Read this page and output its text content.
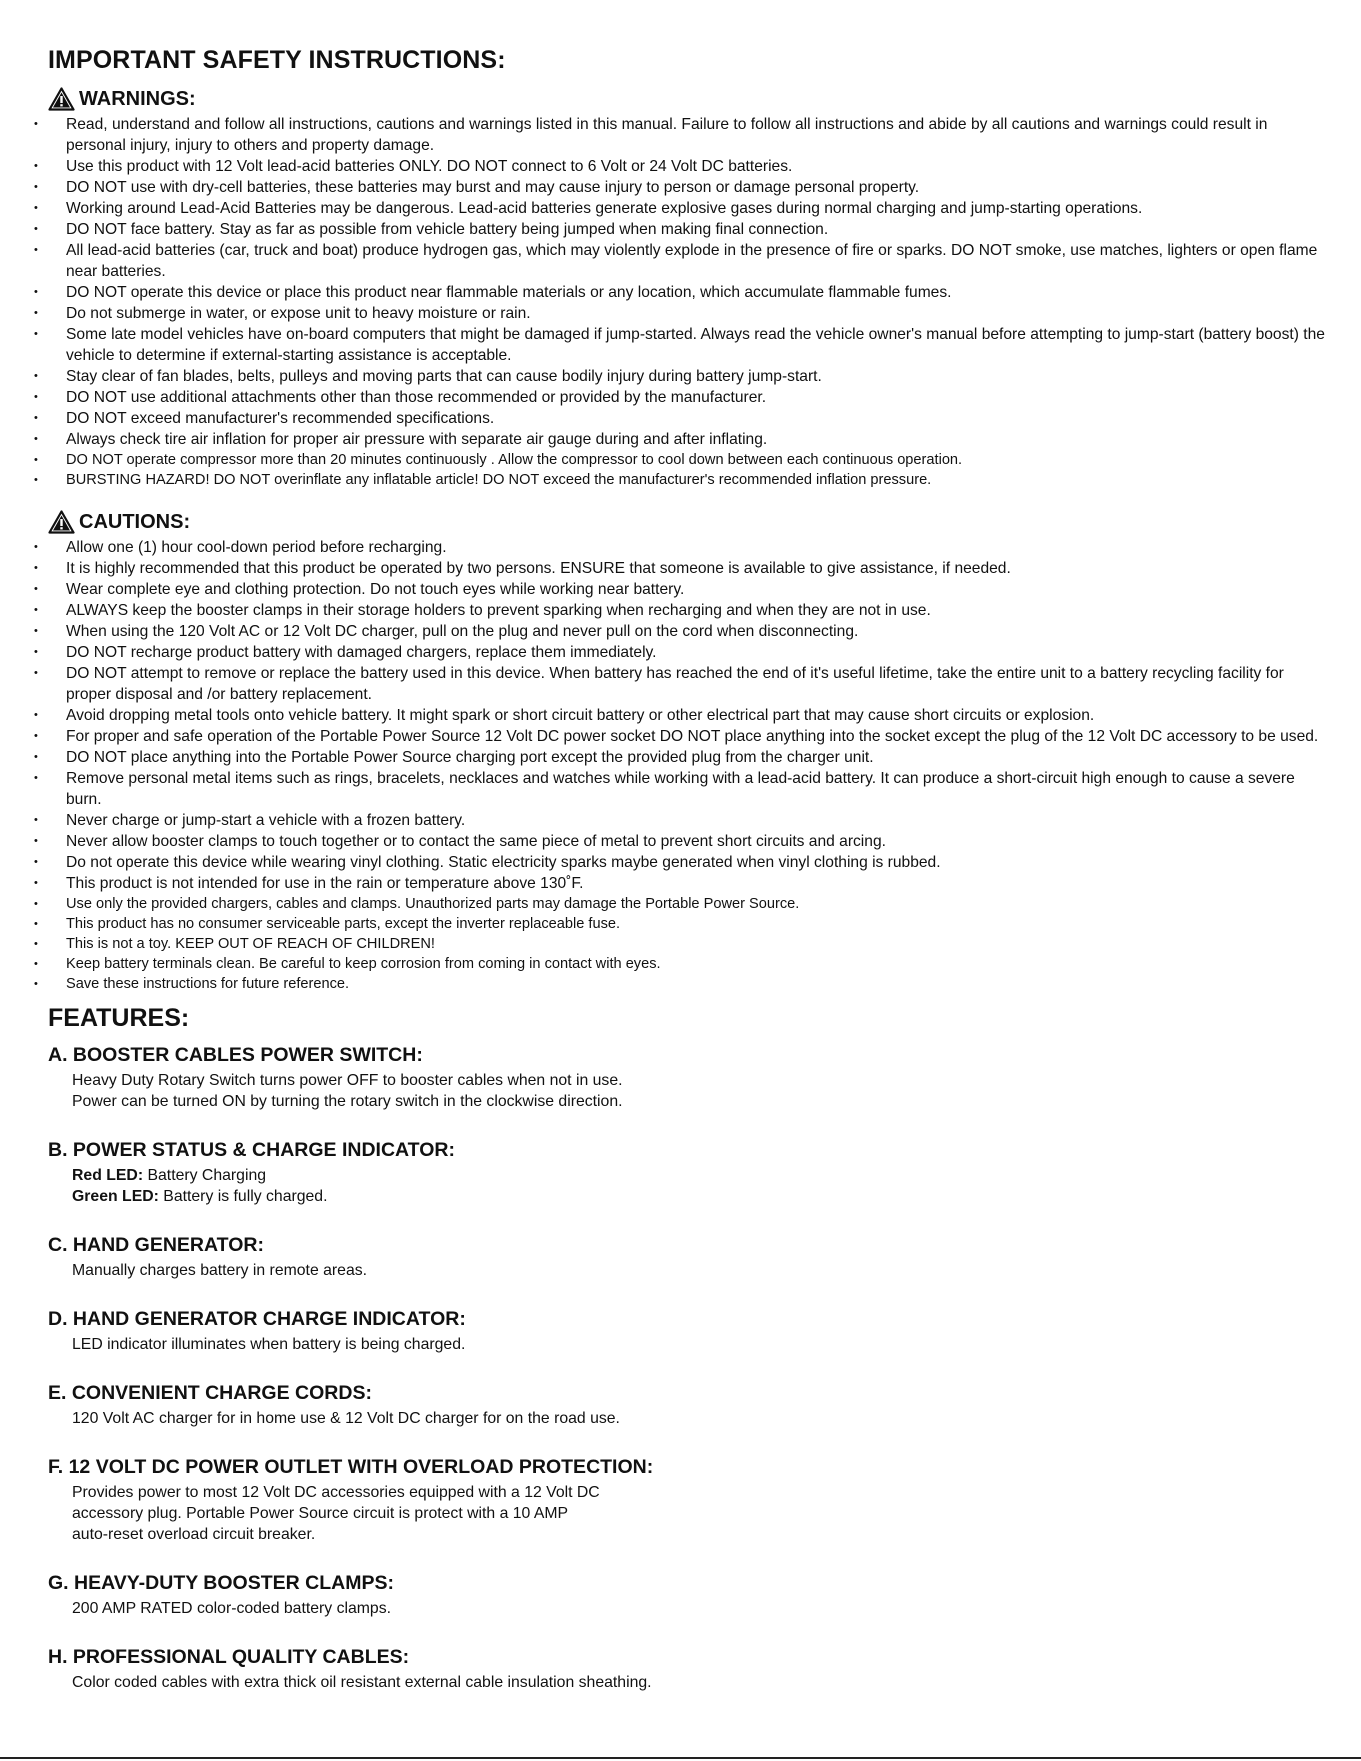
IMPORTANT SAFETY INSTRUCTIONS:
WARNINGS:
• Read, understand and follow all instructions, cautions and warnings listed in this manual. Failure to follow all instructions and abide by all cautions and warnings could result in personal injury, injury to others and property damage.
• Use this product with 12 Volt lead-acid batteries ONLY. DO NOT connect to 6 Volt or 24 Volt DC batteries.
• DO NOT use with dry-cell batteries, these batteries may burst and may cause injury to person or damage personal property.
• Working around Lead-Acid Batteries may be dangerous. Lead-acid batteries generate explosive gases during normal charging and jump-starting operations.
• DO NOT face battery. Stay as far as possible from vehicle battery being jumped when making final connection.
• All lead-acid batteries (car, truck and boat) produce hydrogen gas, which may violently explode in the presence of fire or sparks. DO NOT smoke, use matches, lighters or open flame near batteries.
• DO NOT operate this device or place this product near flammable materials or any location, which accumulate flammable fumes.
• Do not submerge in water, or expose unit to heavy moisture or rain.
• Some late model vehicles have on-board computers that might be damaged if jump-started. Always read the vehicle owner's manual before attempting to jump-start (battery boost) the vehicle to determine if external-starting assistance is acceptable.
• Stay clear of fan blades, belts, pulleys and moving parts that can cause bodily injury during battery jump-start.
• DO NOT use additional attachments other than those recommended or provided by the manufacturer.
• DO NOT exceed manufacturer's recommended specifications.
• Always check tire air inflation for proper air pressure with separate air gauge during and after inflating.
• DO NOT operate compressor more than 20 minutes continuously . Allow the compressor to cool down between each continuous operation.
• BURSTING HAZARD! DO NOT overinflate any inflatable article! DO NOT exceed the manufacturer's recommended inflation pressure.
CAUTIONS:
• Allow one (1) hour cool-down period before recharging.
• It is highly recommended that this product be operated by two persons. ENSURE that someone is available to give assistance, if needed.
• Wear complete eye and clothing protection. Do not touch eyes while working near battery.
• ALWAYS keep the booster clamps in their storage holders to prevent sparking when recharging and when they are not in use.
• When using the 120 Volt AC or 12 Volt DC charger, pull on the plug and never pull on the cord when disconnecting.
• DO NOT recharge product battery with damaged chargers, replace them immediately.
• DO NOT attempt to remove or replace the battery used in this device. When battery has reached the end of it's useful lifetime, take the entire unit to a battery recycling facility for proper disposal and /or battery replacement.
• Avoid dropping metal tools onto vehicle battery. It might spark or short circuit battery or other electrical part that may cause short circuits or explosion.
• For proper and safe operation of the Portable Power Source 12 Volt DC power socket DO NOT place anything into the socket except the plug of the 12 Volt DC accessory to be used.
• DO NOT place anything into the Portable Power Source charging port except the provided plug from the charger unit.
• Remove personal metal items such as rings, bracelets, necklaces and watches while working with a lead-acid battery. It can produce a short-circuit high enough to cause a severe burn.
• Never charge or jump-start a vehicle with a frozen battery.
• Never allow booster clamps to touch together or to contact the same piece of metal to prevent short circuits and arcing.
• Do not operate this device while wearing vinyl clothing. Static electricity sparks maybe generated when vinyl clothing is rubbed.
• This product is not intended for use in the rain or temperature above 130˚F.
• Use only the provided chargers, cables and clamps. Unauthorized parts may damage the Portable Power Source.
• This product has no consumer serviceable parts, except the inverter replaceable fuse.
• This is not a toy. KEEP OUT OF REACH OF CHILDREN!
• Keep battery terminals clean. Be careful to keep corrosion from coming in contact with eyes.
• Save these instructions for future reference.
FEATURES:
A. BOOSTER CABLES POWER SWITCH:
Heavy Duty Rotary Switch turns power OFF to booster cables when not in use.
Power can be turned ON by turning the rotary switch in the clockwise direction.
B. POWER STATUS & CHARGE INDICATOR:
Red LED: Battery Charging
Green LED: Battery is fully charged.
C. HAND GENERATOR:
Manually charges battery in remote areas.
D. HAND GENERATOR CHARGE INDICATOR:
LED indicator illuminates when battery is being charged.
E. CONVENIENT CHARGE CORDS:
120 Volt AC charger for in home use & 12 Volt DC charger for on the road use.
F. 12 VOLT DC POWER OUTLET WITH OVERLOAD PROTECTION:
Provides power to most 12 Volt DC accessories equipped with a 12 Volt DC
accessory plug. Portable Power Source circuit is protect with a 10 AMP
auto-reset overload circuit breaker.
G. HEAVY-DUTY BOOSTER CLAMPS:
200 AMP RATED color-coded battery clamps.
H. PROFESSIONAL QUALITY CABLES:
Color coded cables with extra thick oil resistant external cable insulation sheathing.
